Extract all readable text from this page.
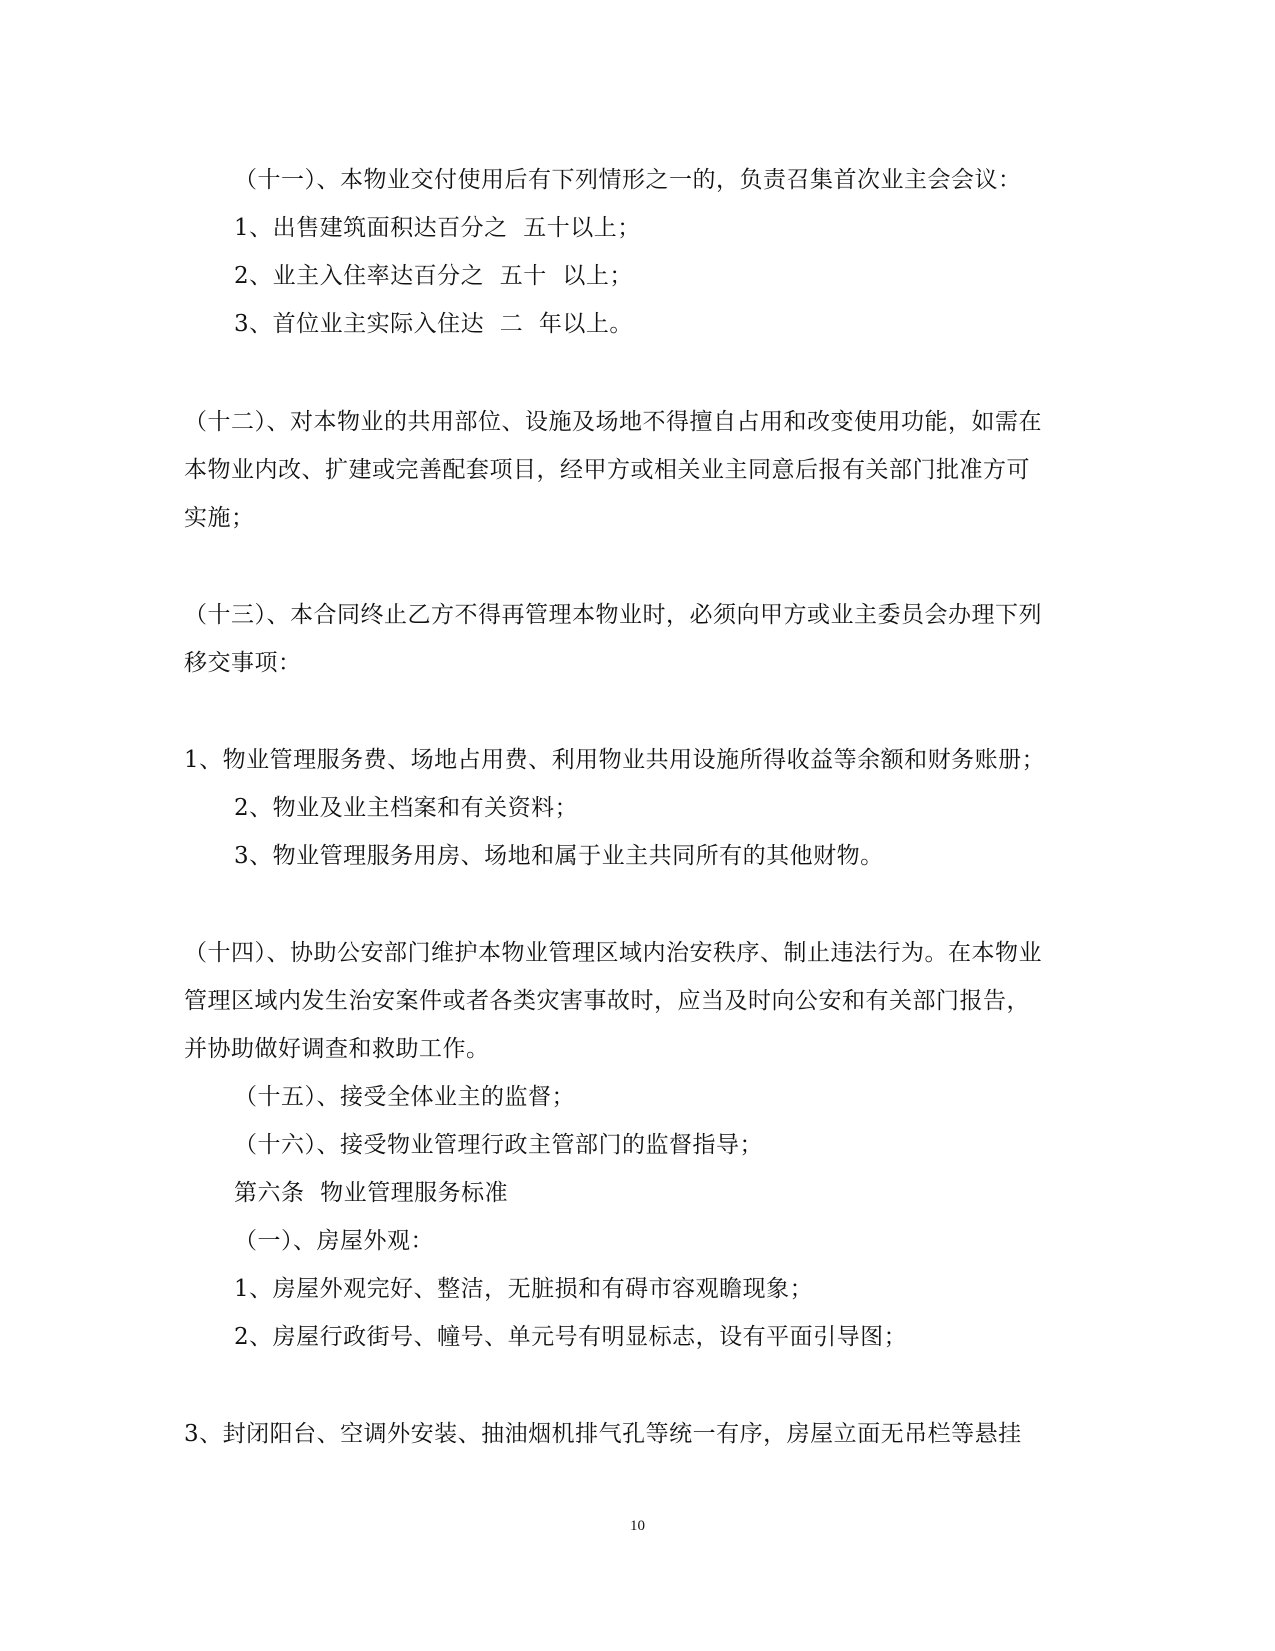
（十一）、本物业交付使用后有下列情形之一的，负责召集首次业主会会议：
1、出售建筑面积达百分之  五十以上；
2、业主入住率达百分之  五十  以上；
3、首位业主实际入住达  二  年以上。
（十二）、对本物业的共用部位、设施及场地不得擅自占用和改变使用功能，如需在
本物业内改、扩建或完善配套项目，经甲方或相关业主同意后报有关部门批准方可
实施；
（十三）、本合同终止乙方不得再管理本物业时，必须向甲方或业主委员会办理下列
移交事项：
1、物业管理服务费、场地占用费、利用物业共用设施所得收益等余额和财务账册；
2、物业及业主档案和有关资料；
3、物业管理服务用房、场地和属于业主共同所有的其他财物。
（十四）、协助公安部门维护本物业管理区域内治安秩序、制止违法行为。在本物业
管理区域内发生治安案件或者各类灾害事故时，应当及时向公安和有关部门报告，
并协助做好调查和救助工作。
（十五）、接受全体业主的监督；
（十六）、接受物业管理行政主管部门的监督指导；
第六条  物业管理服务标准
（一）、房屋外观：
1、房屋外观完好、整洁，无脏损和有碍市容观瞻现象；
2、房屋行政街号、幢号、单元号有明显标志，设有平面引导图；
3、封闭阳台、空调外安装、抽油烟机排气孔等统一有序，房屋立面无吊栏等悬挂
10
